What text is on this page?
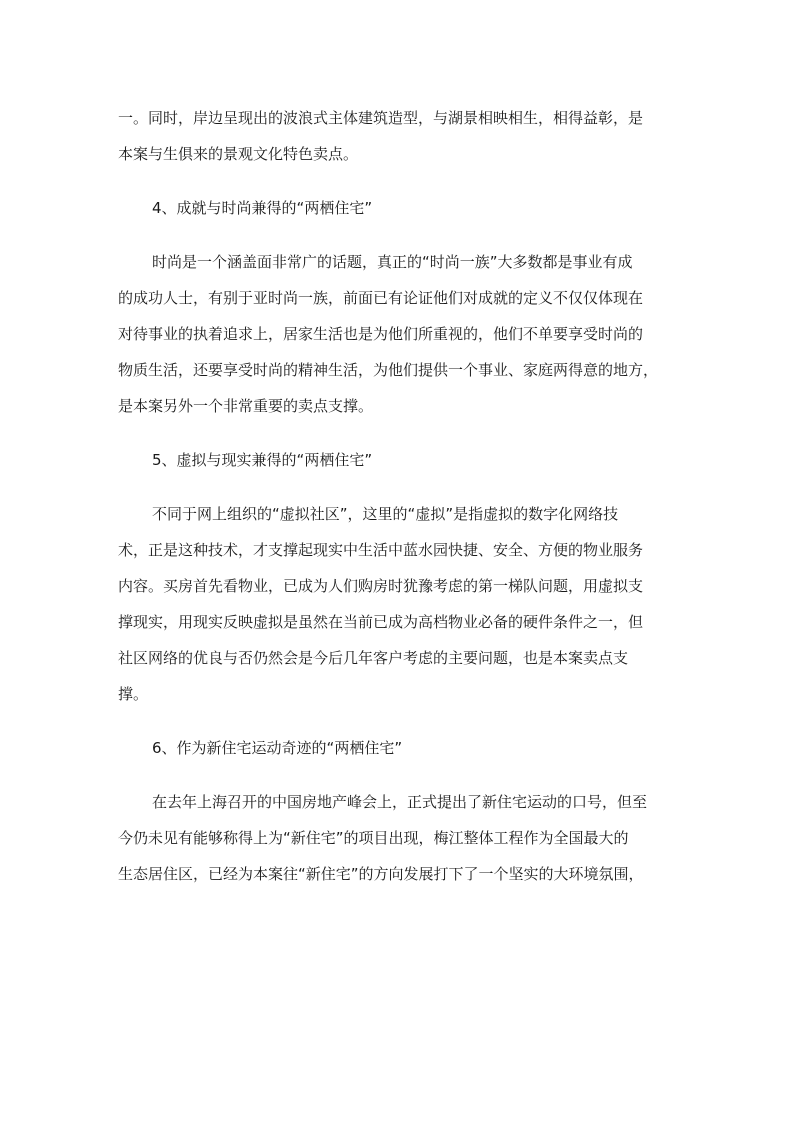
一。同时，岸边呈现出的波浪式主体建筑造型，与湖景相映相生，相得益彰，是
本案与生俱来的景观文化特色卖点。
4、成就与时尚兼得的“两栖住宅”
时尚是一个涵盖面非常广的话题，真正的“时尚一族”大多数都是事业有成
的成功人士，有别于亚时尚一族，前面已有论证他们对成就的定义不仅仅体现在
对待事业的执着追求上，居家生活也是为他们所重视的，他们不单要享受时尚的
物质生活，还要享受时尚的精神生活，为他们提供一个事业、家庭两得意的地方，
是本案另外一个非常重要的卖点支撑。
5、虚拟与现实兼得的“两栖住宅”
不同于网上组织的“虚拟社区”，这里的“虚拟”是指虚拟的数字化网络技
术，正是这种技术，才支撑起现实中生活中蓝水园快捷、安全、方便的物业服务
内容。买房首先看物业，已成为人们购房时犹豫考虑的第一梯队问题，用虚拟支
撑现实，用现实反映虚拟是虽然在当前已成为高档物业必备的硬件条件之一，但
社区网络的优良与否仍然会是今后几年客户考虑的主要问题，也是本案卖点支
撑。
6、作为新住宅运动奇迹的“两栖住宅”
在去年上海召开的中国房地产峰会上，正式提出了新住宅运动的口号，但至
今仍未见有能够称得上为“新住宅”的项目出现，梅江整体工程作为全国最大的
生态居住区，已经为本案往“新住宅”的方向发展打下了一个坚实的大环境氛围，
